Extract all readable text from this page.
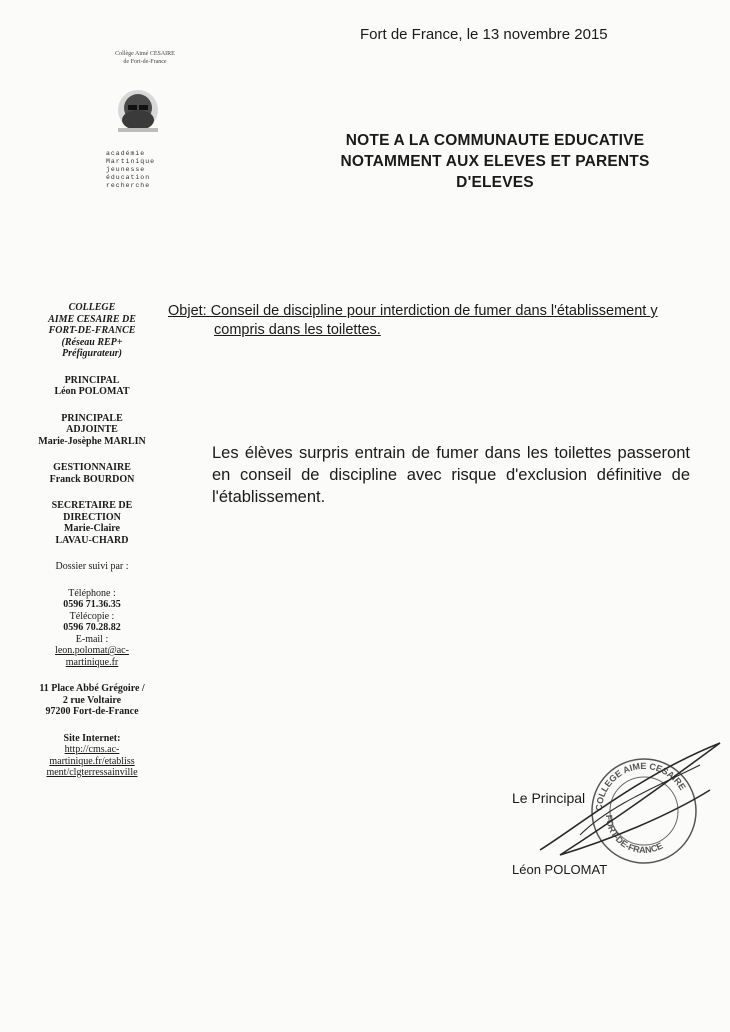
Fort de France, le 13 novembre 2015
Collège Aimé CESAIRE
de Fort-de-France
académie
Martinique
jeunesse
éducation
recherche
NOTE A LA COMMUNAUTE EDUCATIVE
NOTAMMENT AUX ELEVES ET PARENTS D'ELEVES
COLLEGE
AIME CESAIRE DE
FORT-DE-FRANCE
(Réseau REP+
Préfigurateur)
PRINCIPAL
Léon POLOMAT
PRINCIPALE
ADJOINTE
Marie-Josèphe MARLIN
GESTIONNAIRE
Franck BOURDON
SECRETAIRE DE
DIRECTION
Marie-Claire
LAVAU-CHARD
Dossier suivi par :
Téléphone :
0596 71.36.35
Télécopie :
0596 70.28.82
E-mail :
leon.polomat@ac-
martinique.fr
11 Place Abbé Grégoire /
2 rue Voltaire
97200 Fort-de-France
Site Internet:
http://cms.ac-
martinique.fr/etabliss
ment/clgterressainville
Objet: Conseil de discipline pour interdiction de fumer dans l'établissement y
compris dans les toilettes.

Les élèves surpris entrain de fumer dans les toilettes passeront en conseil de discipline avec risque d'exclusion définitive de l'établissement.

COLLEGE AIME CESAIRE
FORT-DE-FRANCE
Le Principal
Léon POLOMAT
